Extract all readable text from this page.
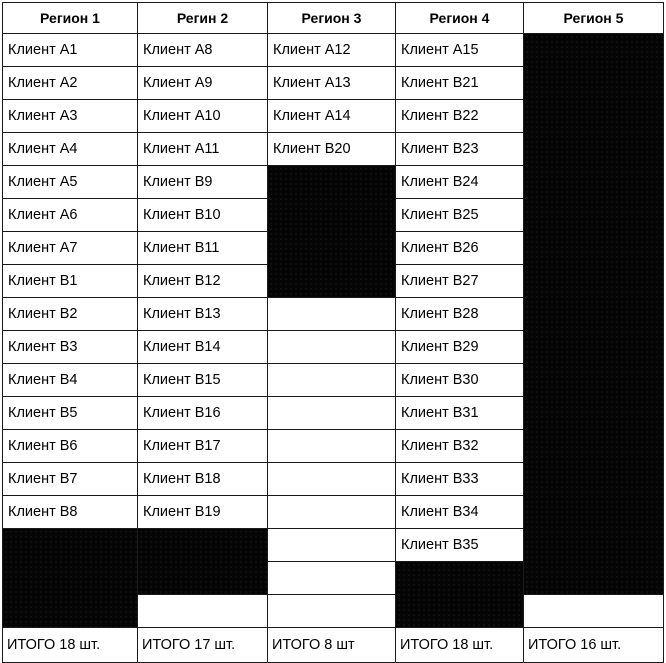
Регион 1	Регин 2	Регион 3	Регион 4	Регион 5
Клиент А1	Клиент А8	Клиент А12	Клиент А15	
Клиент А2	Клиент А9	Клиент А13	Клиент В21	
Клиент А3	Клиент А10	Клиент А14	Клиент В22	
Клиент А4	Клиент А11	Клиент В20	Клиент В23	
Клиент А5	Клиент В9		Клиент В24	
Клиент А6	Клиент В10		Клиент В25	
Клиент А7	Клиент В11		Клиент В26	
Клиент В1	Клиент В12		Клиент В27	
Клиент В2	Клиент В13		Клиент В28	
Клиент В3	Клиент В14		Клиент В29	
Клиент В4	Клиент В15		Клиент В30	
Клиент В5	Клиент В16		Клиент В31	
Клиент В6	Клиент В17		Клиент В32	
Клиент В7	Клиент В18		Клиент В33	
Клиент В8	Клиент В19		Клиент В34	
			Клиент В35	

ИТОГО 18 шт.	ИТОГО 17 шт.	ИТОГО 8 шт	ИТОГО 18 шт.	ИТОГО 16 шт.
